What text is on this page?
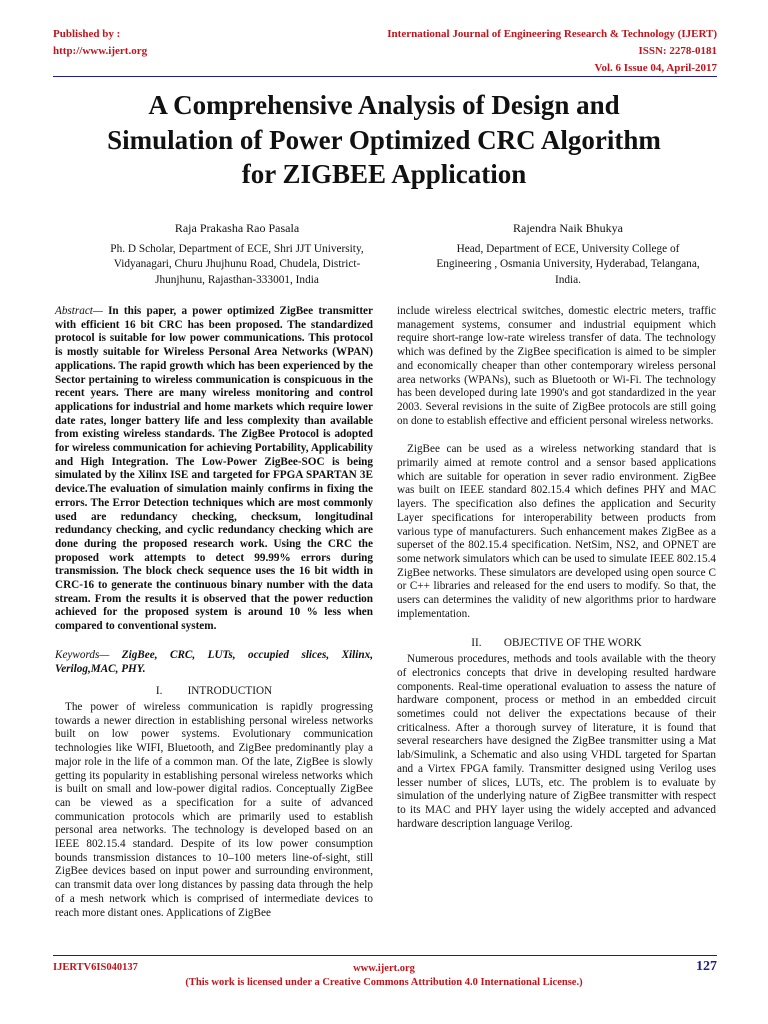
Published by :
http://www.ijert.org
International Journal of Engineering Research & Technology (IJERT)
ISSN: 2278-0181
Vol. 6 Issue 04, April-2017
A Comprehensive Analysis of Design and
Simulation of Power Optimized CRC Algorithm
for ZIGBEE Application
Raja Prakasha Rao Pasala
Ph. D Scholar, Department of ECE, Shri JJT University,
Vidyanagari, Churu Jhujhunu Road, Chudela, District-
Jhunjhunu, Rajasthan-333001, India
Rajendra Naik Bhukya
Head, Department of ECE, University College of
Engineering , Osmania University, Hyderabad, Telangana,
India.

Abstract— In this paper, a power optimized ZigBee transmitter with efficient 16 bit CRC has been proposed. The standardized protocol is suitable for low power communications. This protocol is mostly suitable for Wireless Personal Area Networks (WPAN) applications. The rapid growth which has been experienced by the Sector pertaining to wireless communication is conspicuous in the recent years. There are many wireless monitoring and control applications for industrial and home markets which require lower date rates, longer battery life and less complexity than available from existing wireless standards. The ZigBee Protocol is adopted for wireless communication for achieving Portability, Applicability and High Integration. The Low-Power ZigBee-SOC is being simulated by the Xilinx ISE and targeted for FPGA SPARTAN 3E device.The evaluation of simulation mainly confirms in fixing the errors. The Error Detection techniques which are most commonly used are redundancy checking, checksum, longitudinal redundancy checking, and cyclic redundancy checking which are done during the proposed research work. Using the CRC the proposed work attempts to detect 99.99% errors during transmission. The block check sequence uses the 16 bit width in CRC-16 to generate the continuous binary number with the data stream. From the results it is observed that the power reduction achieved for the proposed system is around 10 % less when compared to conventional system.

Keywords— ZigBee, CRC, LUTs, occupied slices, Xilinx, Verilog,MAC, PHY.

I.         INTRODUCTION

The power of wireless communication is rapidly progressing towards a newer direction in establishing personal wireless networks built on low power systems. Evolutionary communication technologies like WIFI, Bluetooth, and ZigBee predominantly play a major role in the life of a common man. Of the late, ZigBee is slowly getting its popularity in establishing personal wireless networks which is built on small and low-power digital radios. Conceptually ZigBee can be viewed as a specification for a suite of advanced communication protocols which are primarily used to establish personal area networks. The technology is developed based on an IEEE 802.15.4 standard. Despite of its low power consumption bounds transmission distances to 10–100 meters line-of-sight, still ZigBee devices based on input power and surrounding environment, can transmit data over long distances by passing data through the help of a mesh network which is comprised of intermediate devices to reach more distant ones. Applications of ZigBee

include wireless electrical switches, domestic electric meters, traffic management systems, consumer and industrial equipment which require short-range low-rate wireless transfer of data. The technology which was defined by the ZigBee specification is aimed to be simpler and economically cheaper than other contemporary wireless personal area networks (WPANs), such as Bluetooth or Wi-Fi. The technology has been developed during late 1990's and got standardized in the year 2003. Several revisions in the suite of ZigBee protocols are still going on done to establish effective and efficient personal wireless networks.

ZigBee can be used as a wireless networking standard that is primarily aimed at remote control and a sensor based applications which are suitable for operation in sever radio environment. ZigBee was built on IEEE standard 802.15.4 which defines PHY and MAC layers. The specification also defines the application and Security Layer specifications for interoperability between products from various type of manufacturers. Such enhancement makes ZigBee as a superset of the 802.15.4 specification. NetSim, NS2, and OPNET are some network simulators which can be used to simulate IEEE 802.15.4 ZigBee networks. These simulators are developed using open source C or C++ libraries and released for the end users to modify. So that, the users can determines the validity of new algorithms prior to hardware implementation.

II.        OBJECTIVE OF THE WORK

Numerous procedures, methods and tools available with the theory of electronics concepts that drive in developing resulted hardware components. Real-time operational evaluation to assess the nature of hardware component, process or method in an embedded circuit sometimes could not deliver the expectations because of their criticalness. After a thorough survey of literature, it is found that several researchers have designed the ZigBee transmitter using a Mat lab/Simulink, a Schematic and also using VHDL targeted for Spartan and a Virtex FPGA family. Transmitter designed using Verilog uses lesser number of slices, LUTs, etc. The problem is to evaluate by simulation of the underlying nature of ZigBee transmitter with respect to its MAC and PHY layer using the widely accepted and advanced hardware description language Verilog.

IJERTV6IS040137	www.ijert.org
(This work is licensed under a Creative Commons Attribution 4.0 International License.)
127
